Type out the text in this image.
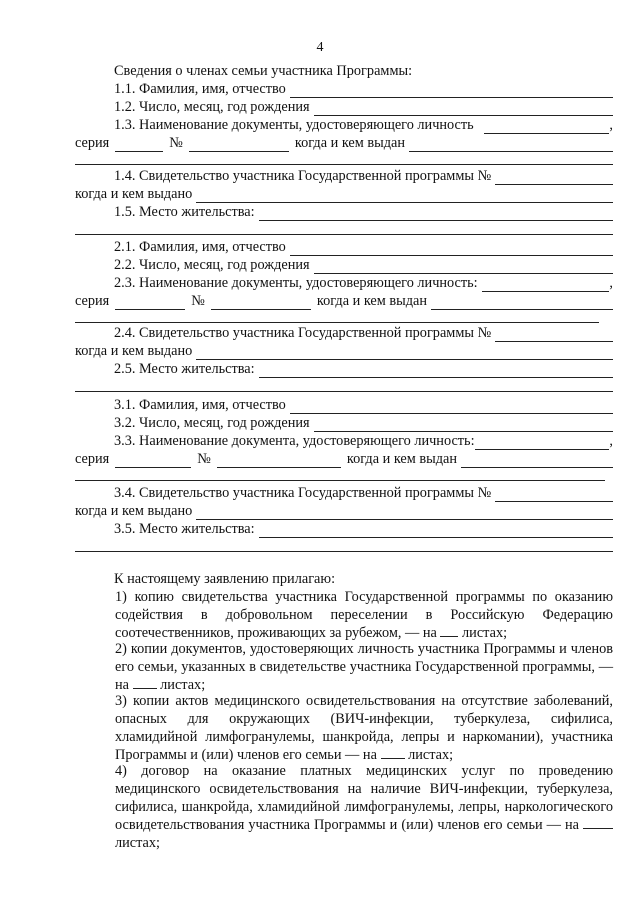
4
Сведения о членах семьи участника Программы:
1.1. Фамилия, имя, отчество
1.2. Число, месяц, год рождения
1.3. Наименование документы, удостоверяющего личность	,
серия	№	когда и кем выдан
1.4. Свидетельство участника Государственной программы №
когда и кем выдано
1.5. Место жительства:
2.1. Фамилия, имя, отчество
2.2. Число, месяц, год рождения
2.3. Наименование документы, удостоверяющего личность:	,
серия	№	когда и кем выдан
2.4. Свидетельство участника Государственной программы №
когда и кем выдано
2.5. Место жительства:
3.1. Фамилия, имя, отчество
3.2. Число, месяц, год рождения
3.3. Наименование документа, удостоверяющего личность:	,
серия	№	когда и кем выдан
3.4. Свидетельство участника Государственной программы №
когда и кем выдано
3.5. Место жительства:
К настоящему заявлению прилагаю:
1) копию свидетельства участника Государственной программы по оказанию содействия в добровольном переселении в Российскую Федерацию соотечественников, проживающих за рубежом, — на листах;
2) копии документов, удостоверяющих личность участника Программы и членов его семьи, указанных в свидетельстве участника Государственной программы, — на листах;
3) копии актов медицинского освидетельствования на отсутствие заболеваний, опасных для окружающих (ВИЧ-инфекции, туберкулеза, сифилиса, хламидийной лимфогранулемы, шанкройда, лепры и наркомании), участника Программы и (или) членов его семьи — на листах;
4) договор на оказание платных медицинских услуг по проведению медицинского освидетельствования на наличие ВИЧ-инфекции, туберкулеза, сифилиса, шанкройда, хламидийной лимфогранулемы, лепры, наркологического освидетельствования участника Программы и (или) членов его семьи — на  листах;
